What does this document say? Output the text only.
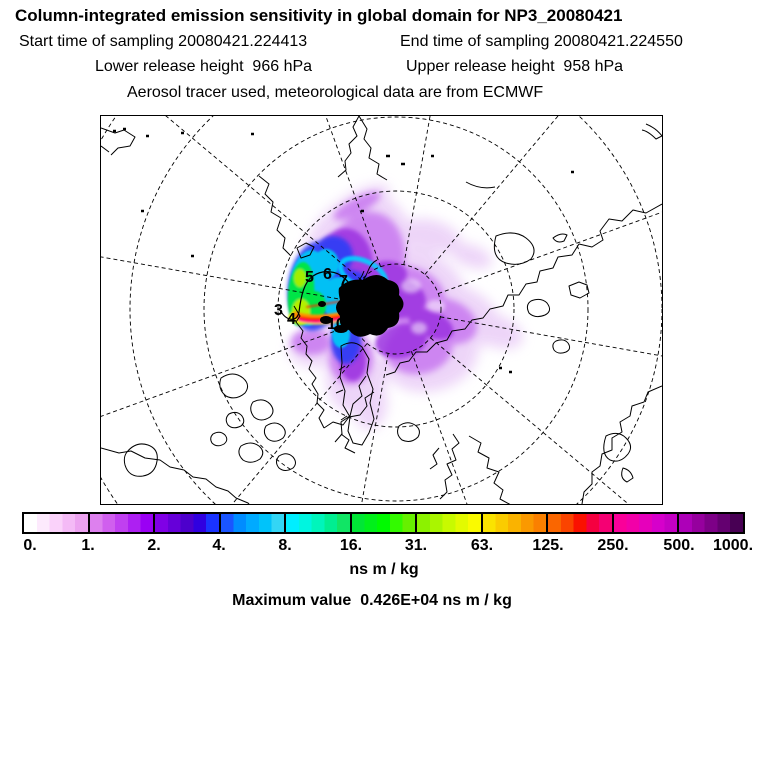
Column-integrated emission sensitivity in global domain for NP3_20080421
Start time of sampling 20080421.224413	End time of sampling 20080421.224550
Lower release height  966 hPa	Upper release height  958 hPa
Aerosol tracer used, meteorological data are from ECMWF
3
4
5 6 7
8
10
0.	1.	2.	4.	8.	16.	31.	63. 125. 250. 500. 1000.
ns m / kg
Maximum value  0.426E+04 ns m / kg
